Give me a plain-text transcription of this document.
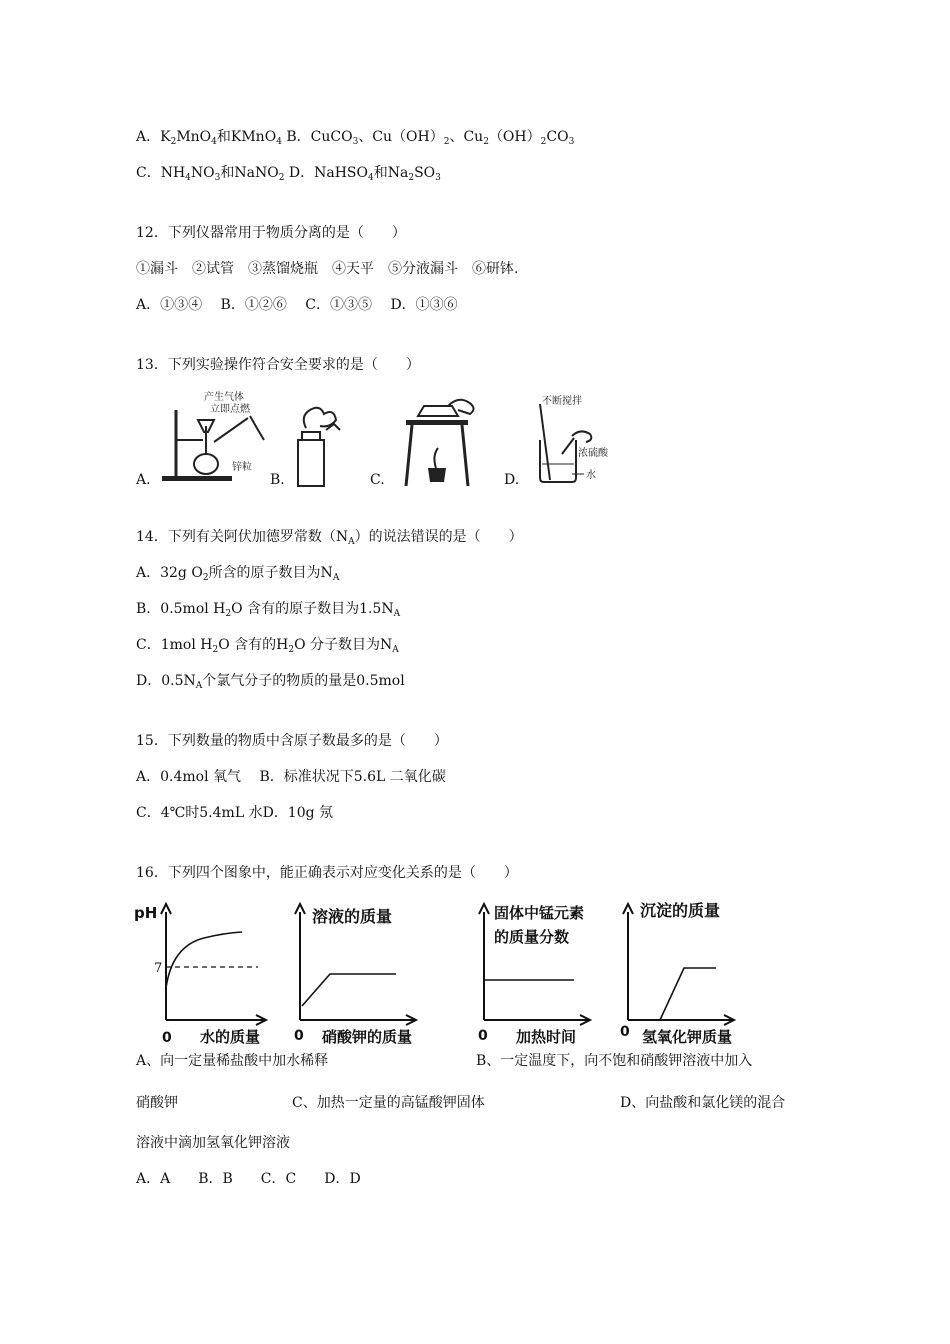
A．$K_2MnO_4$和KMnO$_4$ B．CuCO$_3$、$Cu(OH)_2$、$Cu_2(OH)_2CO_3$
C．$NH_4NO_3$和NaNO$_2$ D．NaHSO$_4$和$Na_2SO_3$
12．下列仪器常用于物质分离的是（　　）
①漏斗　②试管　③蒸馏烧瓶　④天平　⑤分液漏斗　⑥研钵.
A．①③④　 B．①②⑥　 C．①③⑤　 D．①③⑥
13．下列实验操作符合安全要求的是（　　）
产生气体
立即点燃
锌粒
A.	B.	C.
不断搅拌
浓硫酸
水
D.
14．下列有关阿伏加德罗常数$(N_A)$的说法错误的是（　　）
A．32g $O_2$所含的原子数目为$N_A$
B．0.5mol $H_2O$ 含有的原子数目为$1.5N_A$
C．1mol $H_2O$ 含有的$H_2O$ 分子数目为$N_A$
D．$0.5N_A$个氯气分子的物质的量是0.5mol
15．下列数量的物质中含原子数最多的是（　　）
A．0.4mol 氧气　 B．标准状况下5.6L 二氧化碳
C．4℃时5.4mL 水D．10g 氖
16．下列四个图象中，能正确表示对应变化关系的是（　　）
pH
7
0 水的质量
溶液的质量
0 硝酸钾的质量
固体中锰元素
的质量分数
0 加热时间
沉淀的质量
0 氢氧化钾质量
A、向一定量稀盐酸中加水稀释	B、一定温度下，向不饱和硝酸钾溶液中加入
硝酸钾	C、加热一定量的高锰酸钾固体	D、向盐酸和氯化镁的混合
溶液中滴加氢氧化钾溶液
A．A　　B．B　　C．C　　D．D
